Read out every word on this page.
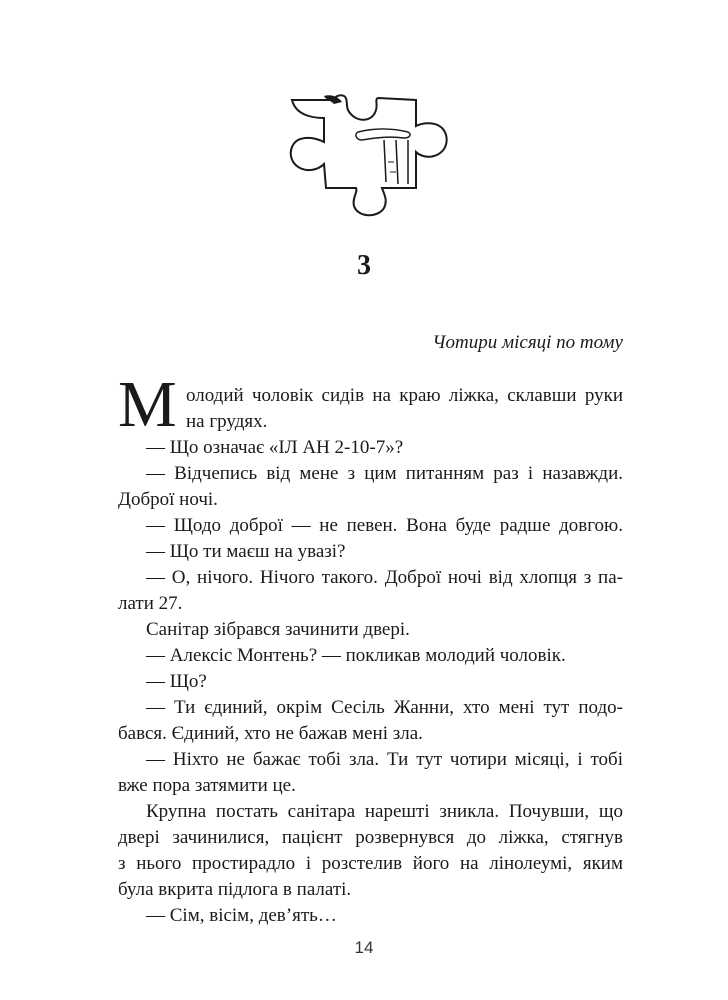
3
Чотири місяці по тому
М олодий чоловік сидів на краю ліжка, склавши руки
на грудях.
— Що означає «ІЛ АН 2-10-7»?
— Відчепись від мене з цим питанням раз і назавжди.
Доброї ночі.
— Щодо доброї — не певен. Вона буде радше довгою.
— Що ти маєш на увазі?
— О, нічого. Нічого такого. Доброї ночі від хлопця з па-
лати 27.
Санітар зібрався зачинити двері.
— Алексіс Монтень? — покликав молодий чоловік.
— Що?
— Ти єдиний, окрім Сесіль Жанни, хто мені тут подо-
бався. Єдиний, хто не бажав мені зла.
— Ніхто не бажає тобі зла. Ти тут чотири місяці, і тобі
вже пора затямити це.
Крупна постать санітара нарешті зникла. Почувши, що
двері зачинилися, пацієнт розвернувся до ліжка, стягнув
з нього простирадло і розстелив його на лінолеумі, яким
була вкрита підлога в палаті.
— Сім, вісім, дев’ять…
14
